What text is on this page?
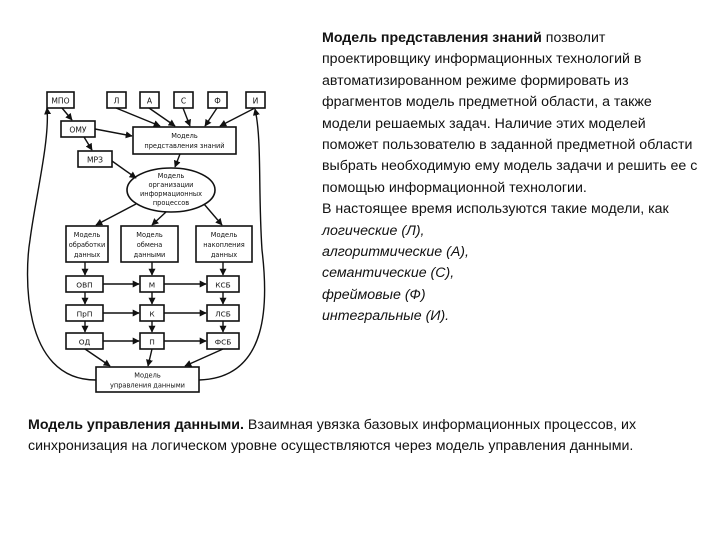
МПО	Л	А	С	Ф	И
ОМУ
МРЗ
Модель
представления знаний
Модель
организации
информационных
процессов
Модель
обработки
данных
Модель
обмена
данными
Модель
накопления
данных
Модель
управления данными
ОВП
ПрП
ОД
М
К
П
КСБ
ЛСБ
ФСБ

Модель представления знаний позволит проектировщику информационных технологий в автоматизированном режиме формировать из фрагментов модель предметной области, а также модели решаемых задач. Наличие этих моделей поможет пользователю в заданной предметной области выбрать необходимую ему модель задачи и решить ее с помощью информационной технологии.

В настоящее время используются такие модели, как

логические (Л),

алгоритмические (А),

семантические (С),

фреймовые (Ф)

интегральные (И).

Модель управления данными. Взаимная увязка базовых информационных процессов, их синхронизация на логическом уровне осуществляются через модель управления данными.
